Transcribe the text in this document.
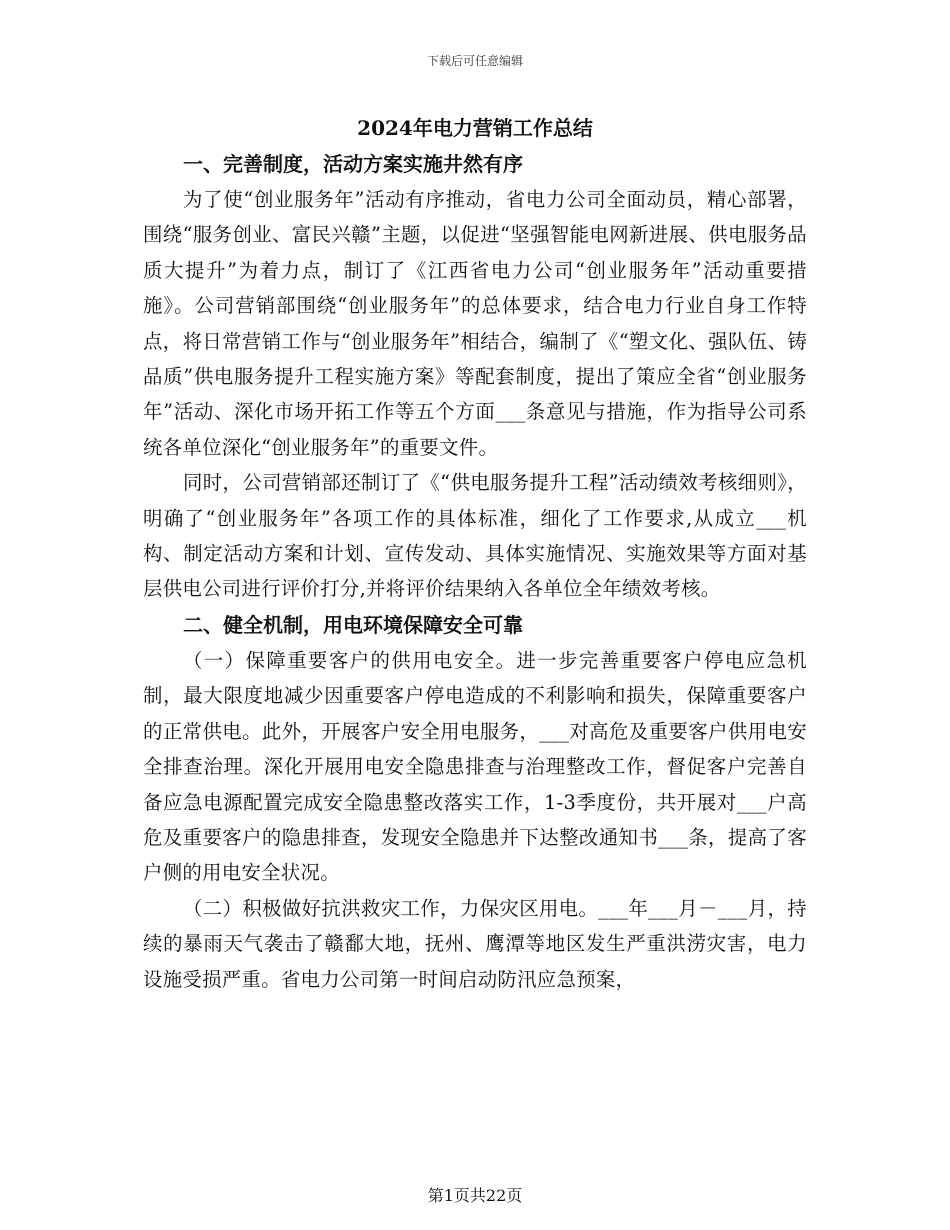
下载后可任意编辑

2024年电力营销工作总结

一、完善制度，活动方案实施井然有序

为了使“创业服务年”活动有序推动，省电力公司全面动员，精心部署，围绕“服务创业、富民兴赣”主题，以促进“坚强智能电网新进展、供电服务品质大提升”为着力点，制订了《江西省电力公司“创业服务年”活动重要措施》。公司营销部围绕“创业服务年”的总体要求，结合电力行业自身工作特点，将日常营销工作与“创业服务年”相结合，编制了《“塑文化、强队伍、铸品质”供电服务提升工程实施方案》等配套制度，提出了策应全省“创业服务年”活动、深化市场开拓工作等五个方面___条意见与措施，作为指导公司系统各单位深化“创业服务年”的重要文件。

同时，公司营销部还制订了《“供电服务提升工程”活动绩效考核细则》，明确了“创业服务年”各项工作的具体标准，细化了工作要求,从成立___机构、制定活动方案和计划、宣传发动、具体实施情况、实施效果等方面对基层供电公司进行评价打分,并将评价结果纳入各单位全年绩效考核。

二、健全机制，用电环境保障安全可靠

（一）保障重要客户的供用电安全。进一步完善重要客户停电应急机制，最大限度地减少因重要客户停电造成的不利影响和损失，保障重要客户的正常供电。此外，开展客户安全用电服务，___对高危及重要客户供用电安全排查治理。深化开展用电安全隐患排查与治理整改工作，督促客户完善自备应急电源配置完成安全隐患整改落实工作，1-3季度份，共开展对___户高危及重要客户的隐患排查，发现安全隐患并下达整改通知书___条，提高了客户侧的用电安全状况。

（二）积极做好抗洪救灾工作，力保灾区用电。___年___月－___月，持续的暴雨天气袭击了赣鄱大地，抚州、鹰潭等地区发生严重洪涝灾害，电力设施受损严重。省电力公司第一时间启动防汛应急预案，

第1页共22页
